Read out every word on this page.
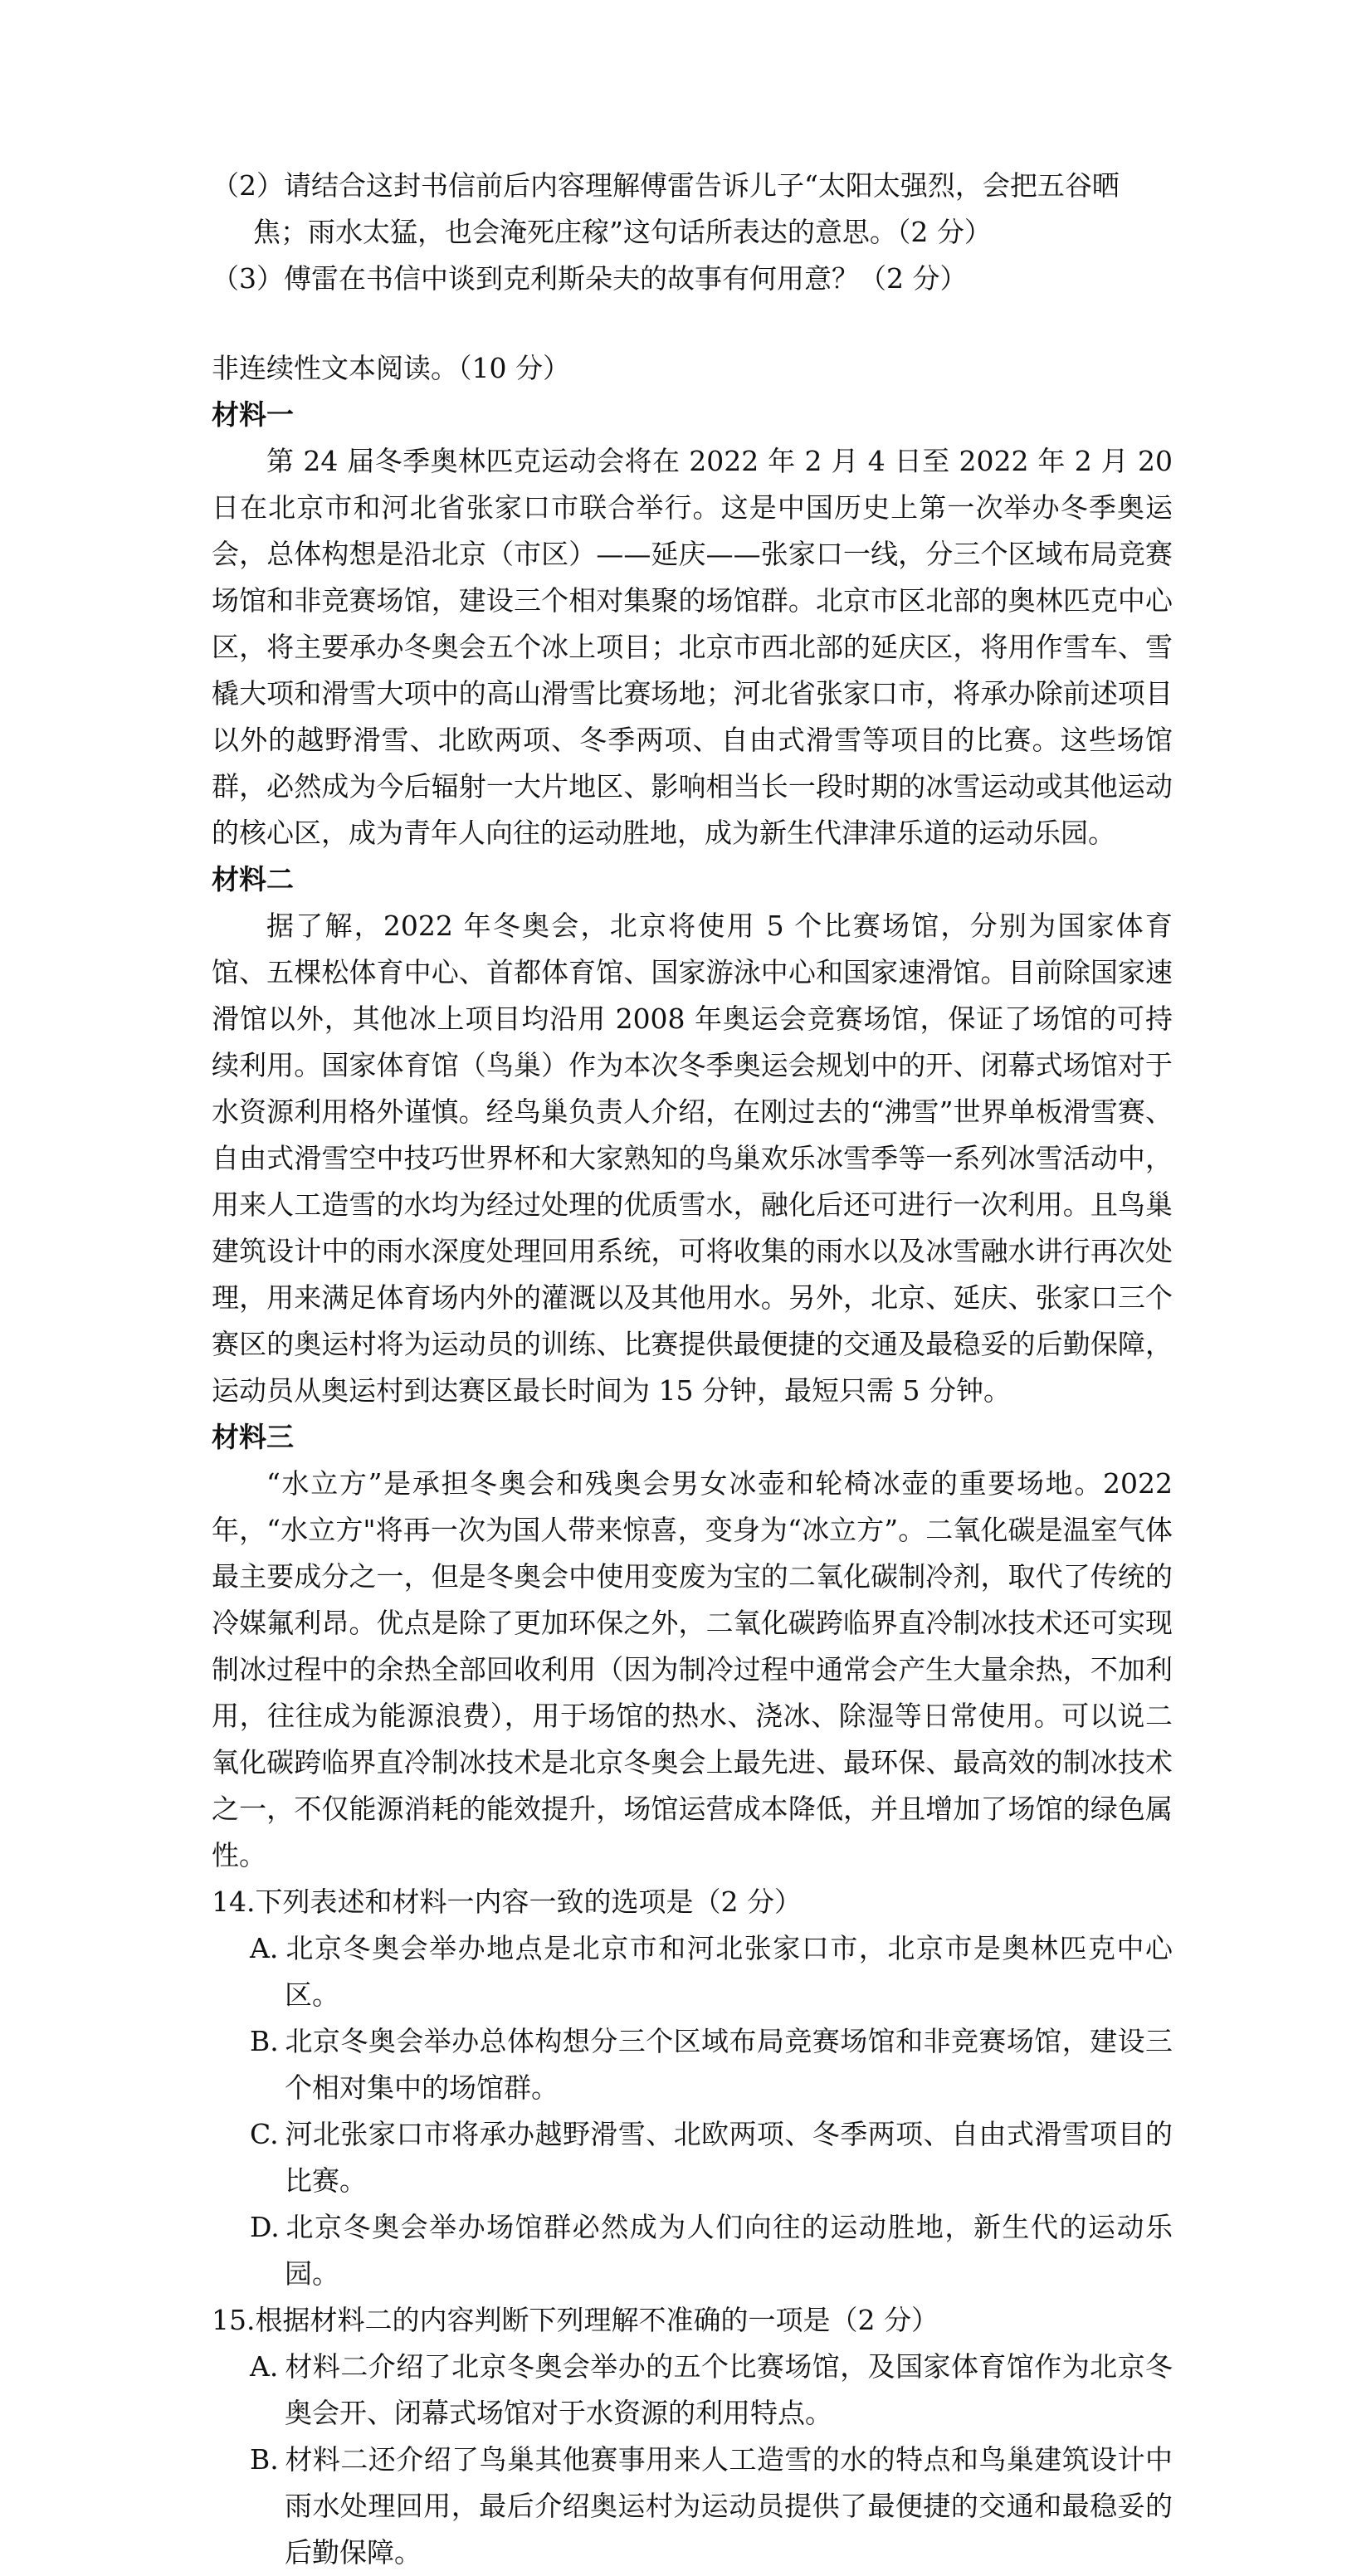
（2）请结合这封书信前后内容理解傅雷告诉儿子“太阳太强烈，会把五谷晒焦；雨水太猛，也会淹死庄稼”这句话所表达的意思。（2 分）

（3）傅雷在书信中谈到克利斯朵夫的故事有何用意？（2 分）

非连续性文本阅读。（10 分）

材料一

第 24 届冬季奥林匹克运动会将在 2022 年 2 月 4 日至 2022 年 2 月 20 日在北京市和河北省张家口市联合举行。这是中国历史上第一次举办冬季奥运会，总体构想是沿北京（市区）——延庆——张家口一线，分三个区域布局竞赛场馆和非竞赛场馆，建设三个相对集聚的场馆群。北京市区北部的奥林匹克中心区，将主要承办冬奥会五个冰上项目；北京市西北部的延庆区，将用作雪车、雪橇大项和滑雪大项中的高山滑雪比赛场地；河北省张家口市，将承办除前述项目以外的越野滑雪、北欧两项、冬季两项、自由式滑雪等项目的比赛。这些场馆群，必然成为今后辐射一大片地区、影响相当长一段时期的冰雪运动或其他运动的核心区，成为青年人向往的运动胜地，成为新生代津津乐道的运动乐园。

材料二

据了解，2022 年冬奥会，北京将使用 5 个比赛场馆，分别为国家体育馆、五棵松体育中心、首都体育馆、国家游泳中心和国家速滑馆。目前除国家速滑馆以外，其他冰上项目均沿用 2008 年奥运会竞赛场馆，保证了场馆的可持续利用。国家体育馆（鸟巢）作为本次冬季奥运会规划中的开、闭幕式场馆对于水资源利用格外谨慎。经鸟巢负责人介绍，在刚过去的“沸雪”世界单板滑雪赛、自由式滑雪空中技巧世界杯和大家熟知的鸟巢欢乐冰雪季等一系列冰雪活动中，用来人工造雪的水均为经过处理的优质雪水，融化后还可进行一次利用。且鸟巢建筑设计中的雨水深度处理回用系统，可将收集的雨水以及冰雪融水讲行再次处理，用来满足体育场内外的灌溉以及其他用水。另外，北京、延庆、张家口三个赛区的奥运村将为运动员的训练、比赛提供最便捷的交通及最稳妥的后勤保障，运动员从奥运村到达赛区最长时间为 15 分钟，最短只需 5 分钟。

材料三

“水立方”是承担冬奥会和残奥会男女冰壶和轮椅冰壶的重要场地。2022 年，“水立方"将再一次为国人带来惊喜，变身为“冰立方”。二氧化碳是温室气体最主要成分之一，但是冬奥会中使用变废为宝的二氧化碳制冷剂，取代了传统的冷媒氟利昂。优点是除了更加环保之外，二氧化碳跨临界直冷制冰技术还可实现制冰过程中的余热全部回收利用（因为制冷过程中通常会产生大量余热，不加利用，往往成为能源浪费），用于场馆的热水、浇冰、除湿等日常使用。可以说二氧化碳跨临界直冷制冰技术是北京冬奥会上最先进、最环保、最高效的制冰技术之一，不仅能源消耗的能效提升，场馆运营成本降低，并且增加了场馆的绿色属性。

14.下列表述和材料一内容一致的选项是（2 分）

A. 北京冬奥会举办地点是北京市和河北张家口市，北京市是奥林匹克中心区。

B. 北京冬奥会举办总体构想分三个区域布局竞赛场馆和非竞赛场馆，建设三个相对集中的场馆群。

C. 河北张家口市将承办越野滑雪、北欧两项、冬季两项、自由式滑雪项目的比赛。

D. 北京冬奥会举办场馆群必然成为人们向往的运动胜地，新生代的运动乐园。

15.根据材料二的内容判断下列理解不准确的一项是（2 分）

A. 材料二介绍了北京冬奥会举办的五个比赛场馆，及国家体育馆作为北京冬奥会开、闭幕式场馆对于水资源的利用特点。

B. 材料二还介绍了鸟巢其他赛事用来人工造雪的水的特点和鸟巢建筑设计中雨水处理回用，最后介绍奥运村为运动员提供了最便捷的交通和最稳妥的后勤保障。
